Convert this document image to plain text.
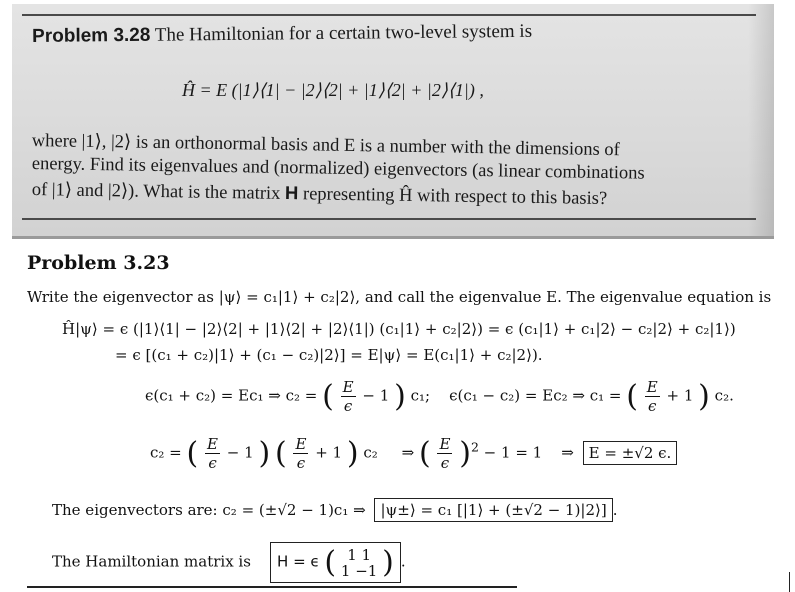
Problem 3.28 The Hamiltonian for a certain two-level system is
Ĥ = E (|1⟩⟨1| − |2⟩⟨2| + |1⟩⟨2| + |2⟩⟨1|) ,
where |1⟩, |2⟩ is an orthonormal basis and E is a number with the dimensions of
energy. Find its eigenvalues and (normalized) eigenvectors (as linear combinations
of |1⟩ and |2⟩). What is the matrix H representing Ĥ with respect to this basis?
Problem 3.23
Write the eigenvector as |ψ⟩ = c₁|1⟩ + c₂|2⟩, and call the eigenvalue E. The eigenvalue equation is
Ĥ|ψ⟩ = ϵ (|1⟩⟨1| − |2⟩⟨2| + |1⟩⟨2| + |2⟩⟨1|) (c₁|1⟩ + c₂|2⟩) = ϵ (c₁|1⟩ + c₁|2⟩ − c₂|2⟩ + c₂|1⟩)
= ϵ [(c₁ + c₂)|1⟩ + (c₁ − c₂)|2⟩] = E|ψ⟩ = E(c₁|1⟩ + c₂|2⟩).
ϵ(c₁ + c₂) = Ec₁ ⇒ c₂ = ( $\frac{E}{\epsilon} - 1$ ) c₁; ϵ(c₁ − c₂) = Ec₂ ⇒ c₁ = ( $\frac{E}{\epsilon} + 1$ ) c₂.
c₂ = ( $\frac{E}{\epsilon} - 1$ ) ( $\frac{E}{\epsilon} + 1$ ) c₂ ⇒ ( $\frac{E}{\epsilon} )^2 - 1 = 1$ ⇒ E = ±√2 ϵ.
The eigenvectors are: c₂ = (±√2 − 1)c₁ ⇒ |ψ±⟩ = c₁ [|1⟩ + (±√2 − 1)|2⟩] .
The Hamiltonian matrix is H = ϵ ( 1 1
1 −1 ) .
